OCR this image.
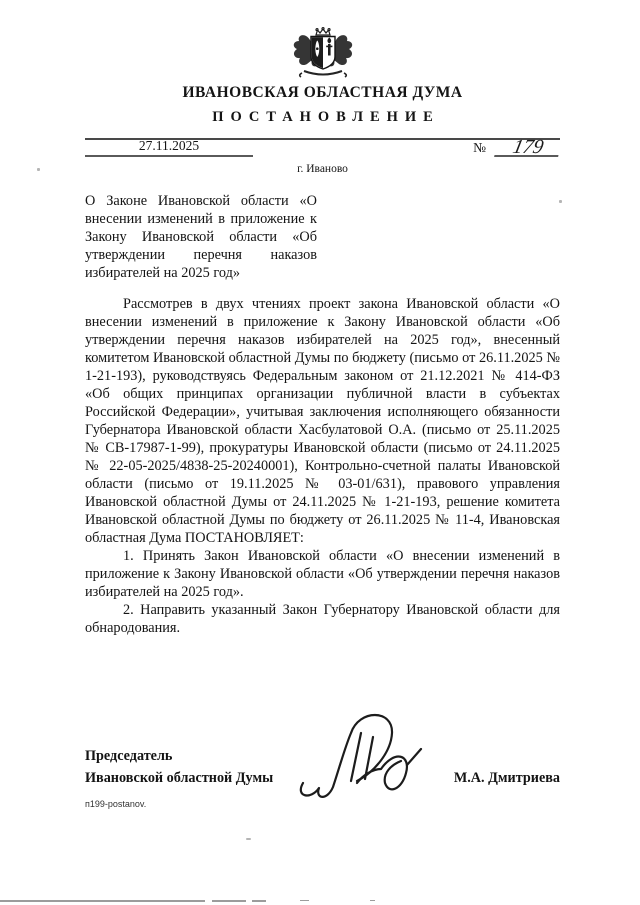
ИВАНОВСКАЯ ОБЛАСТНАЯ ДУМА
ПОСТАНОВЛЕНИЕ
27.11.2025	№	179
г. Иваново
О Законе Ивановской области «О внесении изменений в приложение к Закону Ивановской области «Об утверждении перечня наказов избирателей на 2025 год»

Рассмотрев в двух чтениях проект закона Ивановской области «О внесении изменений в приложение к Закону Ивановской области «Об утверждении перечня наказов избирателей на 2025 год», внесенный комитетом Ивановской областной Думы по бюджету (письмо от 26.11.2025 № 1-21-193), руководствуясь Федеральным законом от 21.12.2021 № 414-ФЗ «Об общих принципах организации публичной власти в субъектах Российской Федерации», учитывая заключения исполняющего обязанности Губернатора Ивановской области Хасбулатовой О.А. (письмо от 25.11.2025 № СВ-17987-1-99), прокуратуры Ивановской области (письмо от 24.11.2025 № 22-05-2025/4838-25-20240001), Контрольно-счетной палаты Ивановской области (письмо от 19.11.2025 № 03-01/631), правового управления Ивановской областной Думы от 24.11.2025 № 1-21-193, решение комитета Ивановской областной Думы по бюджету от 26.11.2025 № 11-4, Ивановская областная Дума ПОСТАНОВЛЯЕТ:

1. Принять Закон Ивановской области «О внесении изменений в приложение к Закону Ивановской области «Об утверждении перечня наказов избирателей на 2025 год».

2. Направить указанный Закон Губернатору Ивановской области для обнародования.

Председатель
Ивановской областной Думы	М.А. Дмитриева
п199-postanov.
